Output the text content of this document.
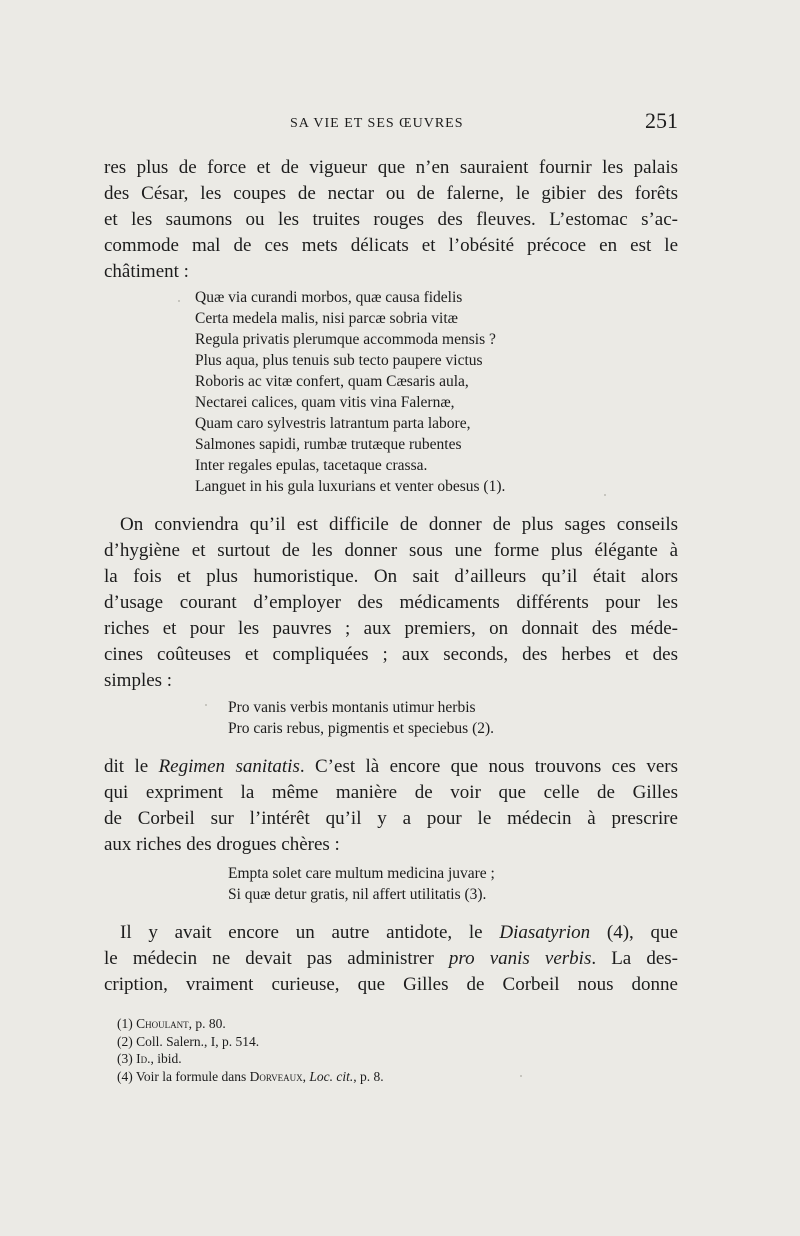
SA VIE ET SES ŒUVRES	251

res plus de force et de vigueur que n’en sauraient fournir les palais
des César, les coupes de nectar ou de falerne, le gibier des forêts
et les saumons ou les truites rouges des fleuves. L’estomac s’ac-
commode mal de ces mets délicats et l’obésité précoce en est le
châtiment :

Quæ via curandi morbos, quæ causa fidelis
Certa medela malis, nisi parcæ sobria vitæ
Regula privatis plerumque accommoda mensis ?
Plus aqua, plus tenuis sub tecto paupere victus
Roboris ac vitæ confert, quam Cæsaris aula,
Nectarei calices, quam vitis vina Falernæ,
Quam caro sylvestris latrantum parta labore,
Salmones sapidi, rumbæ trutæque rubentes
Inter regales epulas, tacetaque crassa.
Languet in his gula luxurians et venter obesus (1).

On conviendra qu’il est difficile de donner de plus sages conseils
d’hygiène et surtout de les donner sous une forme plus élégante à
la fois et plus humoristique. On sait d’ailleurs qu’il était alors
d’usage courant d’employer des médicaments différents pour les
riches et pour les pauvres ; aux premiers, on donnait des méde-
cines coûteuses et compliquées ; aux seconds, des herbes et des
simples :

Pro vanis verbis montanis utimur herbis
Pro caris rebus, pigmentis et speciebus (2).

dit le Regimen sanitatis. C’est là encore que nous trouvons ces vers
qui expriment la même manière de voir que celle de Gilles
de Corbeil sur l’intérêt qu’il y a pour le médecin à prescrire
aux riches des drogues chères :

Empta solet care multum medicina juvare ;
Si quæ detur gratis, nil affert utilitatis (3).

Il y avait encore un autre antidote, le Diasatyrion (4), que
le médecin ne devait pas administrer pro vanis verbis. La des-
cription, vraiment curieuse, que Gilles de Corbeil nous donne

(1) Choulant, p. 80.
(2) Coll. Salern., I, p. 514.
(3) Id., ibid.
(4) Voir la formule dans Dorveaux, Loc. cit., p. 8.
